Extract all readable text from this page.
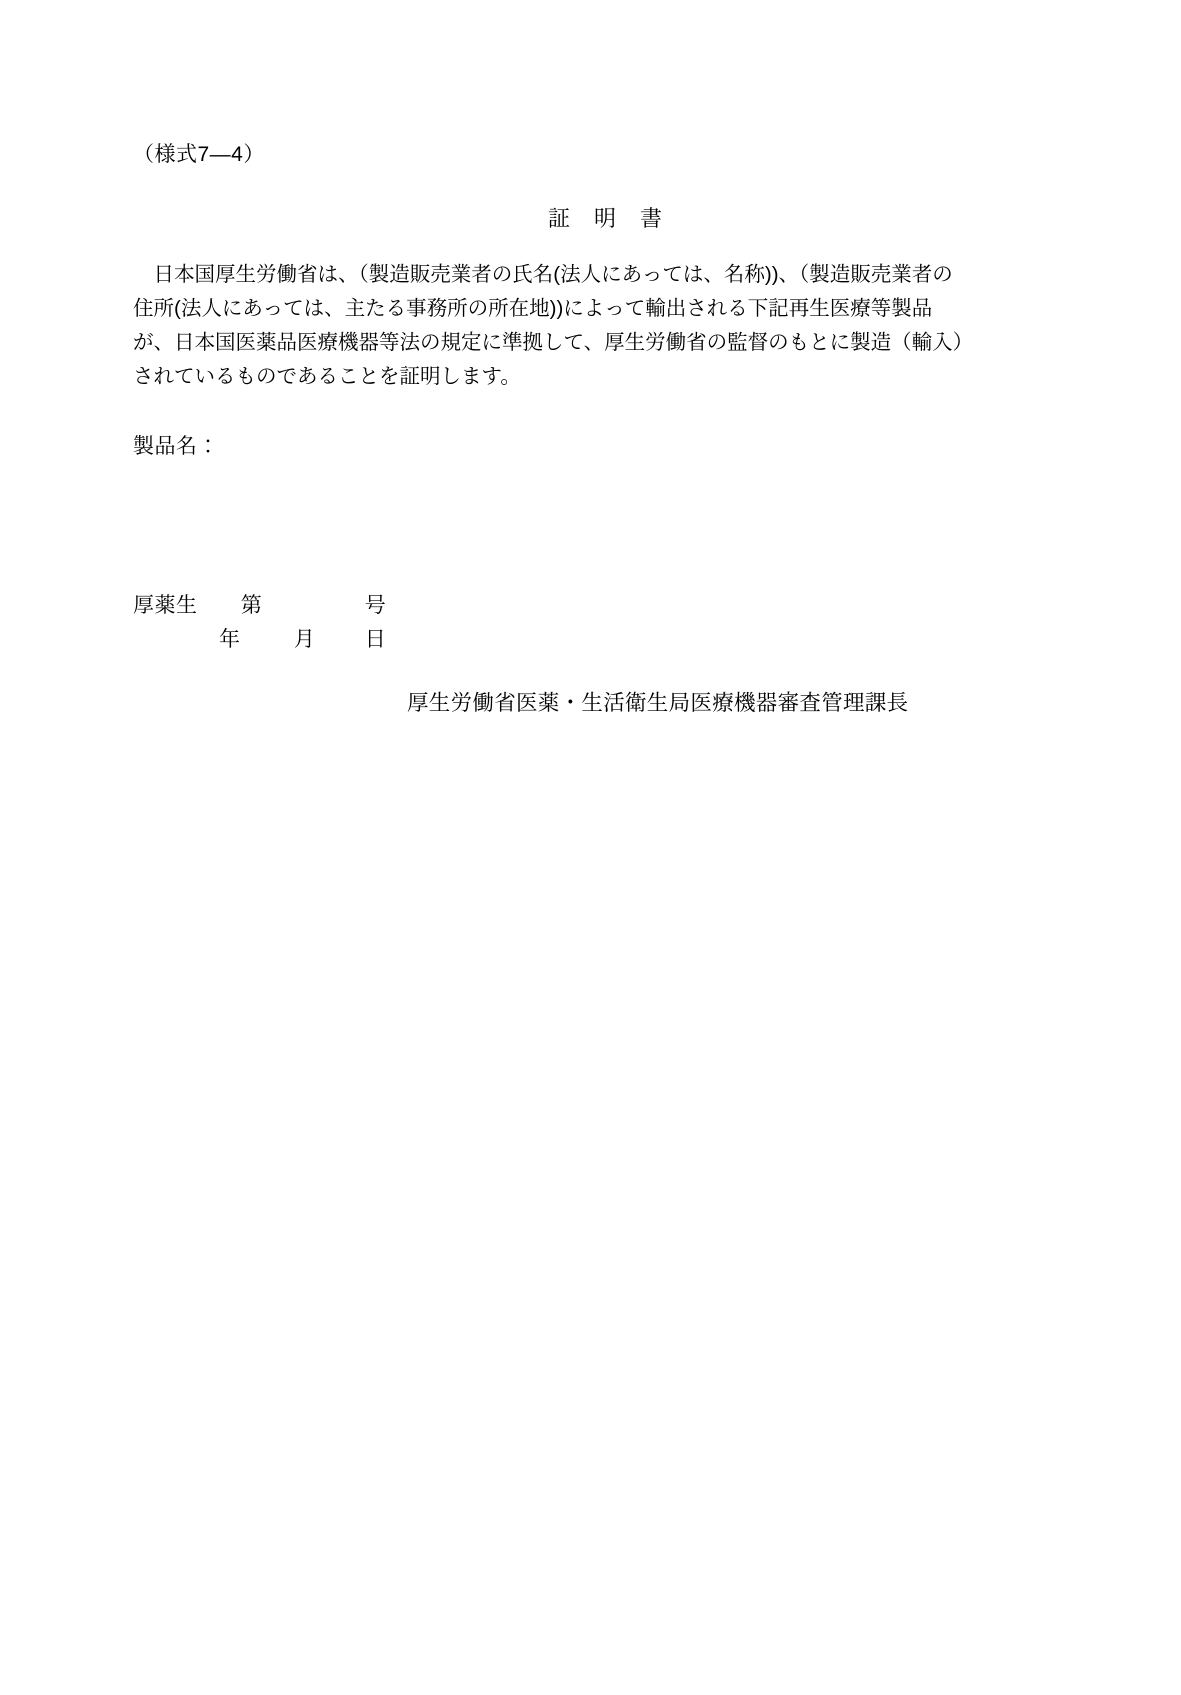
（様式7—4）
証　明　書
　日本国厚生労働省は、（製造販売業者の氏名(法人にあっては、名称))、（製造販売業者の
住所(法人にあっては、主たる事務所の所在地))によって輸出される下記再生医療等製品
が、日本国医薬品医療機器等法の規定に準拠して、厚生労働省の監督のもとに製造（輸入）
されているものであることを証明します。
製品名：
厚薬生 第	号
年	月 日
厚生労働省医薬・生活衛生局医療機器審査管理課長
